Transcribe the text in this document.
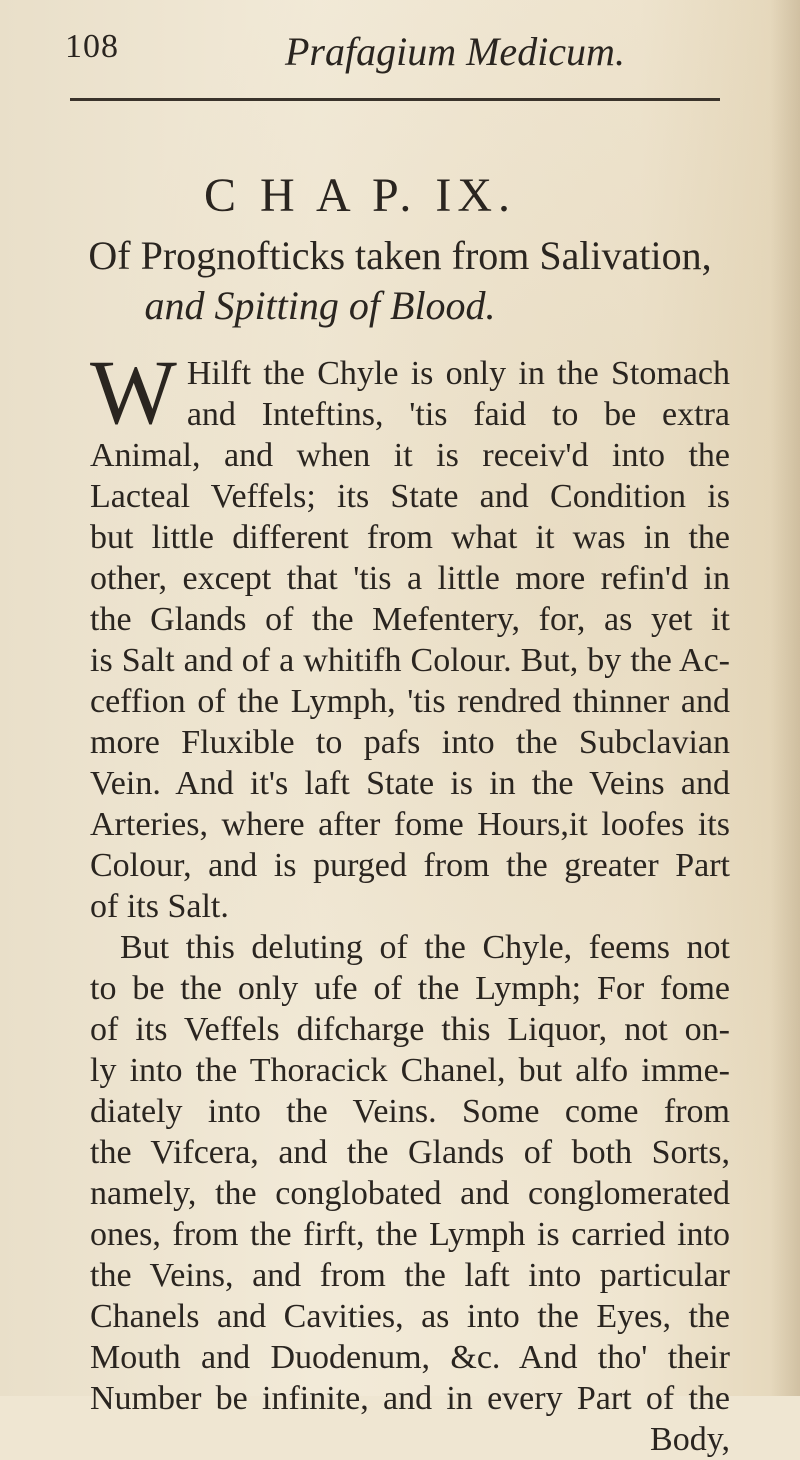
108	Prafagium Medicum.
C H A P. IX.
Of Prognofticks taken from Salivation,
and Spitting of Blood.
W Hilft the Chyle is only in the Stomach
and Inteftins, 'tis faid to be extra
Animal, and when it is receiv'd into the
Lacteal Veffels; its State and Condition is
but little different from what it was in the
other, except that 'tis a little more refin'd in
the Glands of the Mefentery, for, as yet it
is Salt and of a whitifh Colour. But, by the Ac-
ceffion of the Lymph, 'tis rendred thinner and
more Fluxible to pafs into the Subclavian
Vein. And it's laft State is in the Veins and
Arteries, where after fome Hours,it loofes its
Colour, and is purged from the greater Part
of its Salt.
But this deluting of the Chyle, feems not
to be the only ufe of the Lymph; For fome
of its Veffels difcharge this Liquor, not on-
ly into the Thoracick Chanel, but alfo imme-
diately into the Veins. Some come from
the Vifcera, and the Glands of both Sorts,
namely, the conglobated and conglomerated
ones, from the firft, the Lymph is carried into
the Veins, and from the laft into particular
Chanels and Cavities, as into the Eyes, the
Mouth and Duodenum, &c. And tho' their
Number be infinite, and in every Part of the
Body,
